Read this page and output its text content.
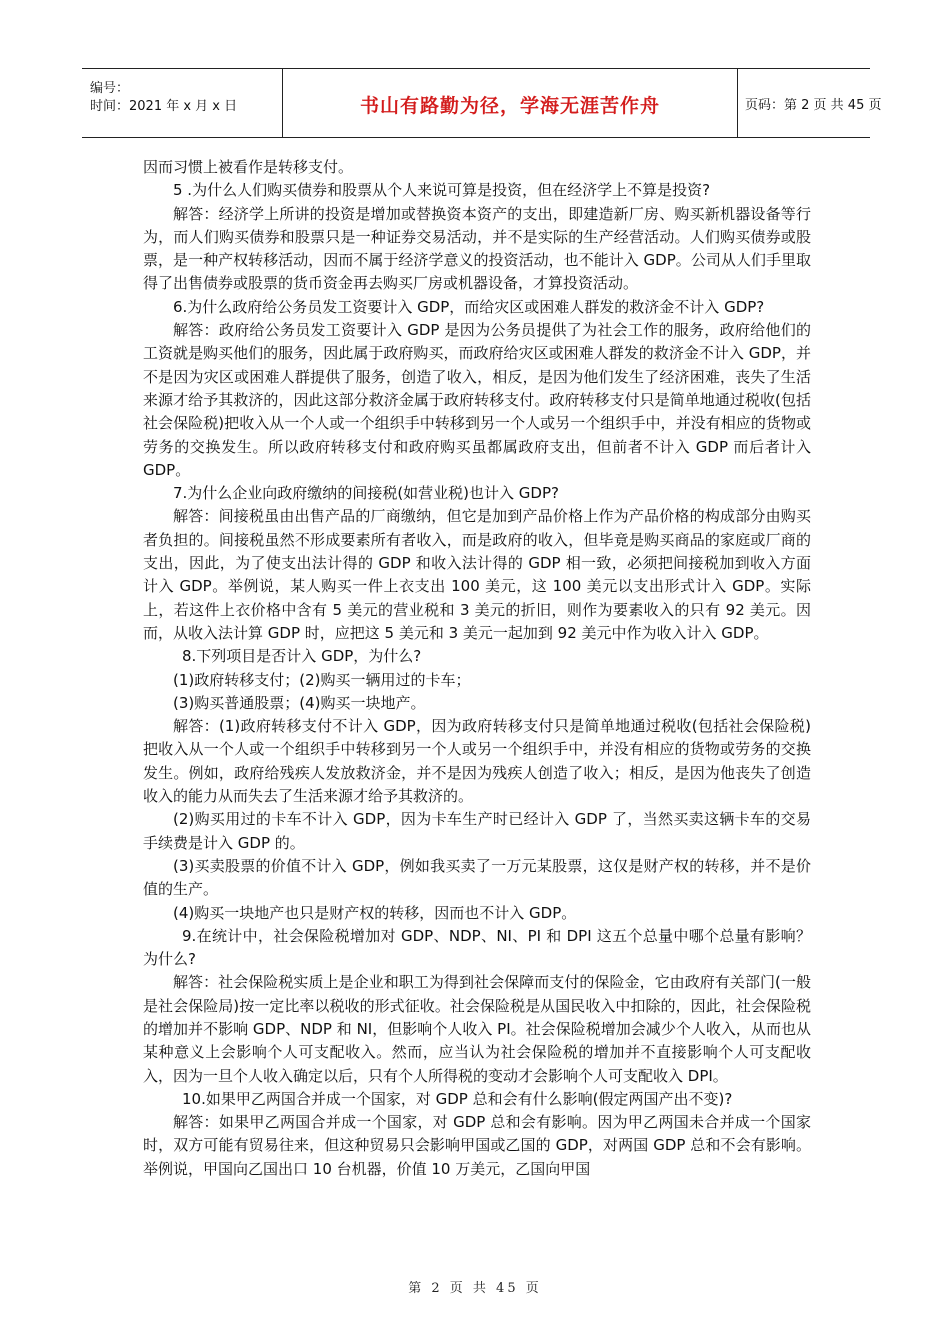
编号：
时间：2021 年 x 月 x 日	书山有路勤为径，学海无涯苦作舟	页码：第 2 页 共 45 页

因而习惯上被看作是转移支付。

5 .为什么人们购买债券和股票从个人来说可算是投资，但在经济学上不算是投资?

解答：经济学上所讲的投资是增加或替换资本资产的支出，即建造新厂房、购买新机器设备等行为，而人们购买债券和股票只是一种证券交易活动，并不是实际的生产经营活动。人们购买债券或股票，是一种产权转移活动，因而不属于经济学意义的投资活动，也不能计入 GDP。公司从人们手里取得了出售债券或股票的货币资金再去购买厂房或机器设备，才算投资活动。

6.为什么政府给公务员发工资要计入 GDP，而给灾区或困难人群发的救济金不计入 GDP?

解答：政府给公务员发工资要计入 GDP 是因为公务员提供了为社会工作的服务，政府给他们的工资就是购买他们的服务，因此属于政府购买，而政府给灾区或困难人群发的救济金不计入 GDP，并不是因为灾区或困难人群提供了服务，创造了收入，相反，是因为他们发生了经济困难，丧失了生活来源才给予其救济的，因此这部分救济金属于政府转移支付。政府转移支付只是简单地通过税收(包括社会保险税)把收入从一个人或一个组织手中转移到另一个人或另一个组织手中，并没有相应的货物或劳务的交换发生。所以政府转移支付和政府购买虽都属政府支出，但前者不计入 GDP 而后者计入 GDP。

7.为什么企业向政府缴纳的间接税(如营业税)也计入 GDP?

解答：间接税虽由出售产品的厂商缴纳，但它是加到产品价格上作为产品价格的构成部分由购买者负担的。间接税虽然不形成要素所有者收入，而是政府的收入，但毕竟是购买商品的家庭或厂商的支出，因此，为了使支出法计得的 GDP 和收入法计得的 GDP 相一致，必须把间接税加到收入方面计入 GDP。举例说，某人购买一件上衣支出 100 美元，这 100 美元以支出形式计入 GDP。实际上，若这件上衣价格中含有 5 美元的营业税和 3 美元的折旧，则作为要素收入的只有 92 美元。因而，从收入法计算 GDP 时，应把这 5 美元和 3 美元一起加到 92 美元中作为收入计入 GDP。

8.下列项目是否计入 GDP，为什么?

(1)政府转移支付；(2)购买一辆用过的卡车；

(3)购买普通股票；(4)购买一块地产。

解答：(1)政府转移支付不计入 GDP，因为政府转移支付只是简单地通过税收(包括社会保险税)把收入从一个人或一个组织手中转移到另一个人或另一个组织手中，并没有相应的货物或劳务的交换发生。例如，政府给残疾人发放救济金，并不是因为残疾人创造了收入；相反，是因为他丧失了创造收入的能力从而失去了生活来源才给予其救济的。

(2)购买用过的卡车不计入 GDP，因为卡车生产时已经计入 GDP 了，当然买卖这辆卡车的交易手续费是计入 GDP 的。

(3)买卖股票的价值不计入 GDP，例如我买卖了一万元某股票，这仅是财产权的转移，并不是价值的生产。

(4)购买一块地产也只是财产权的转移，因而也不计入 GDP。

9.在统计中，社会保险税增加对 GDP、NDP、NI、PI 和 DPI 这五个总量中哪个总量有影响？为什么?

解答：社会保险税实质上是企业和职工为得到社会保障而支付的保险金，它由政府有关部门(一般是社会保险局)按一定比率以税收的形式征收。社会保险税是从国民收入中扣除的，因此，社会保险税的增加并不影响 GDP、NDP 和 NI，但影响个人收入 PI。社会保险税增加会减少个人收入，从而也从某种意义上会影响个人可支配收入。然而，应当认为社会保险税的增加并不直接影响个人可支配收入，因为一旦个人收入确定以后，只有个人所得税的变动才会影响个人可支配收入 DPI。

10.如果甲乙两国合并成一个国家，对 GDP 总和会有什么影响(假定两国产出不变)?

解答：如果甲乙两国合并成一个国家，对 GDP 总和会有影响。因为甲乙两国未合并成一个国家时，双方可能有贸易往来，但这种贸易只会影响甲国或乙国的 GDP，对两国 GDP 总和不会有影响。举例说，甲国向乙国出口 10 台机器，价值 10 万美元，乙国向甲国

第 2 页 共 45 页
